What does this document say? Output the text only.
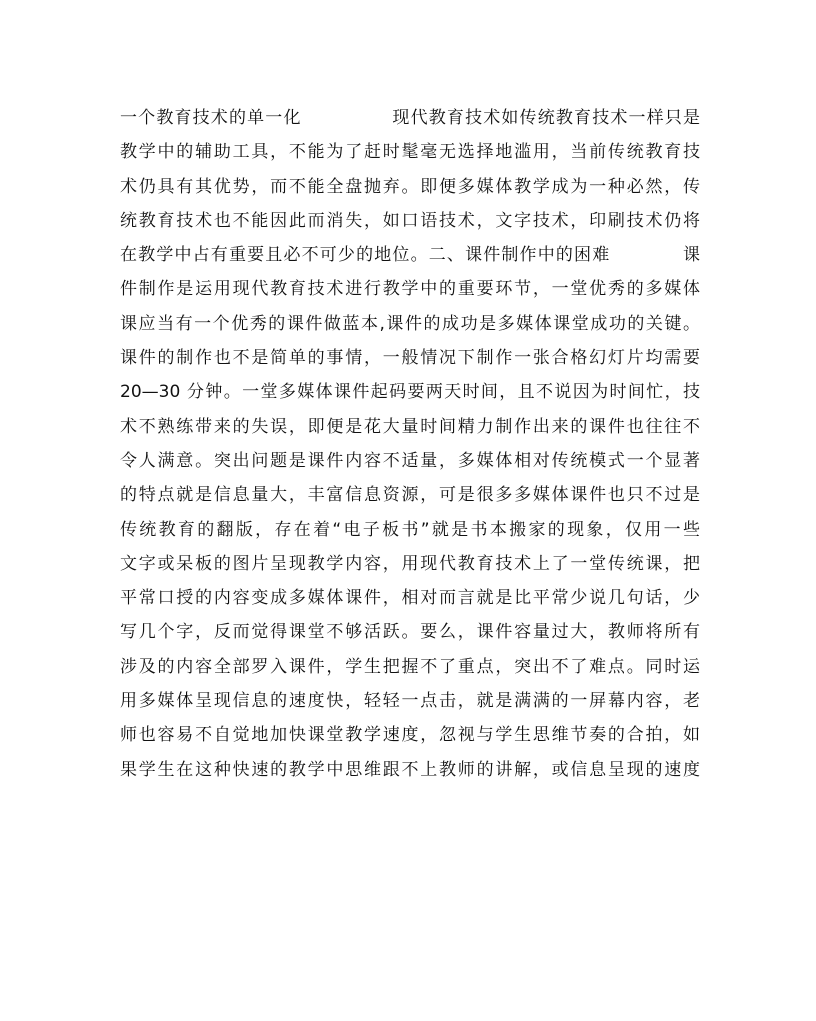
一个教育技术的单一化　　　　　现代教育技术如传统教育技术一样只是
教学中的辅助工具，不能为了赶时髦毫无选择地滥用，当前传统教育技
术仍具有其优势，而不能全盘抛弃。即便多媒体教学成为一种必然，传
统教育技术也不能因此而消失，如口语技术，文字技术，印刷技术仍将
在教学中占有重要且必不可少的地位。二、课件制作中的困难　　　　课
件制作是运用现代教育技术进行教学中的重要环节，一堂优秀的多媒体
课应当有一个优秀的课件做蓝本,课件的成功是多媒体课堂成功的关键。
课件的制作也不是简单的事情，一般情况下制作一张合格幻灯片均需要
20—30 分钟。一堂多媒体课件起码要两天时间，且不说因为时间忙，技
术不熟练带来的失误，即便是花大量时间精力制作出来的课件也往往不
令人满意。突出问题是课件内容不适量，多媒体相对传统模式一个显著
的特点就是信息量大，丰富信息资源，可是很多多媒体课件也只不过是
传统教育的翻版，存在着“电子板书”就是书本搬家的现象，仅用一些
文字或呆板的图片呈现教学内容，用现代教育技术上了一堂传统课，把
平常口授的内容变成多媒体课件，相对而言就是比平常少说几句话，少
写几个字，反而觉得课堂不够活跃。要么，课件容量过大，教师将所有
涉及的内容全部罗入课件，学生把握不了重点，突出不了难点。同时运
用多媒体呈现信息的速度快，轻轻一点击，就是满满的一屏幕内容，老
师也容易不自觉地加快课堂教学速度，忽视与学生思维节奏的合拍，如
果学生在这种快速的教学中思维跟不上教师的讲解，或信息呈现的速度
